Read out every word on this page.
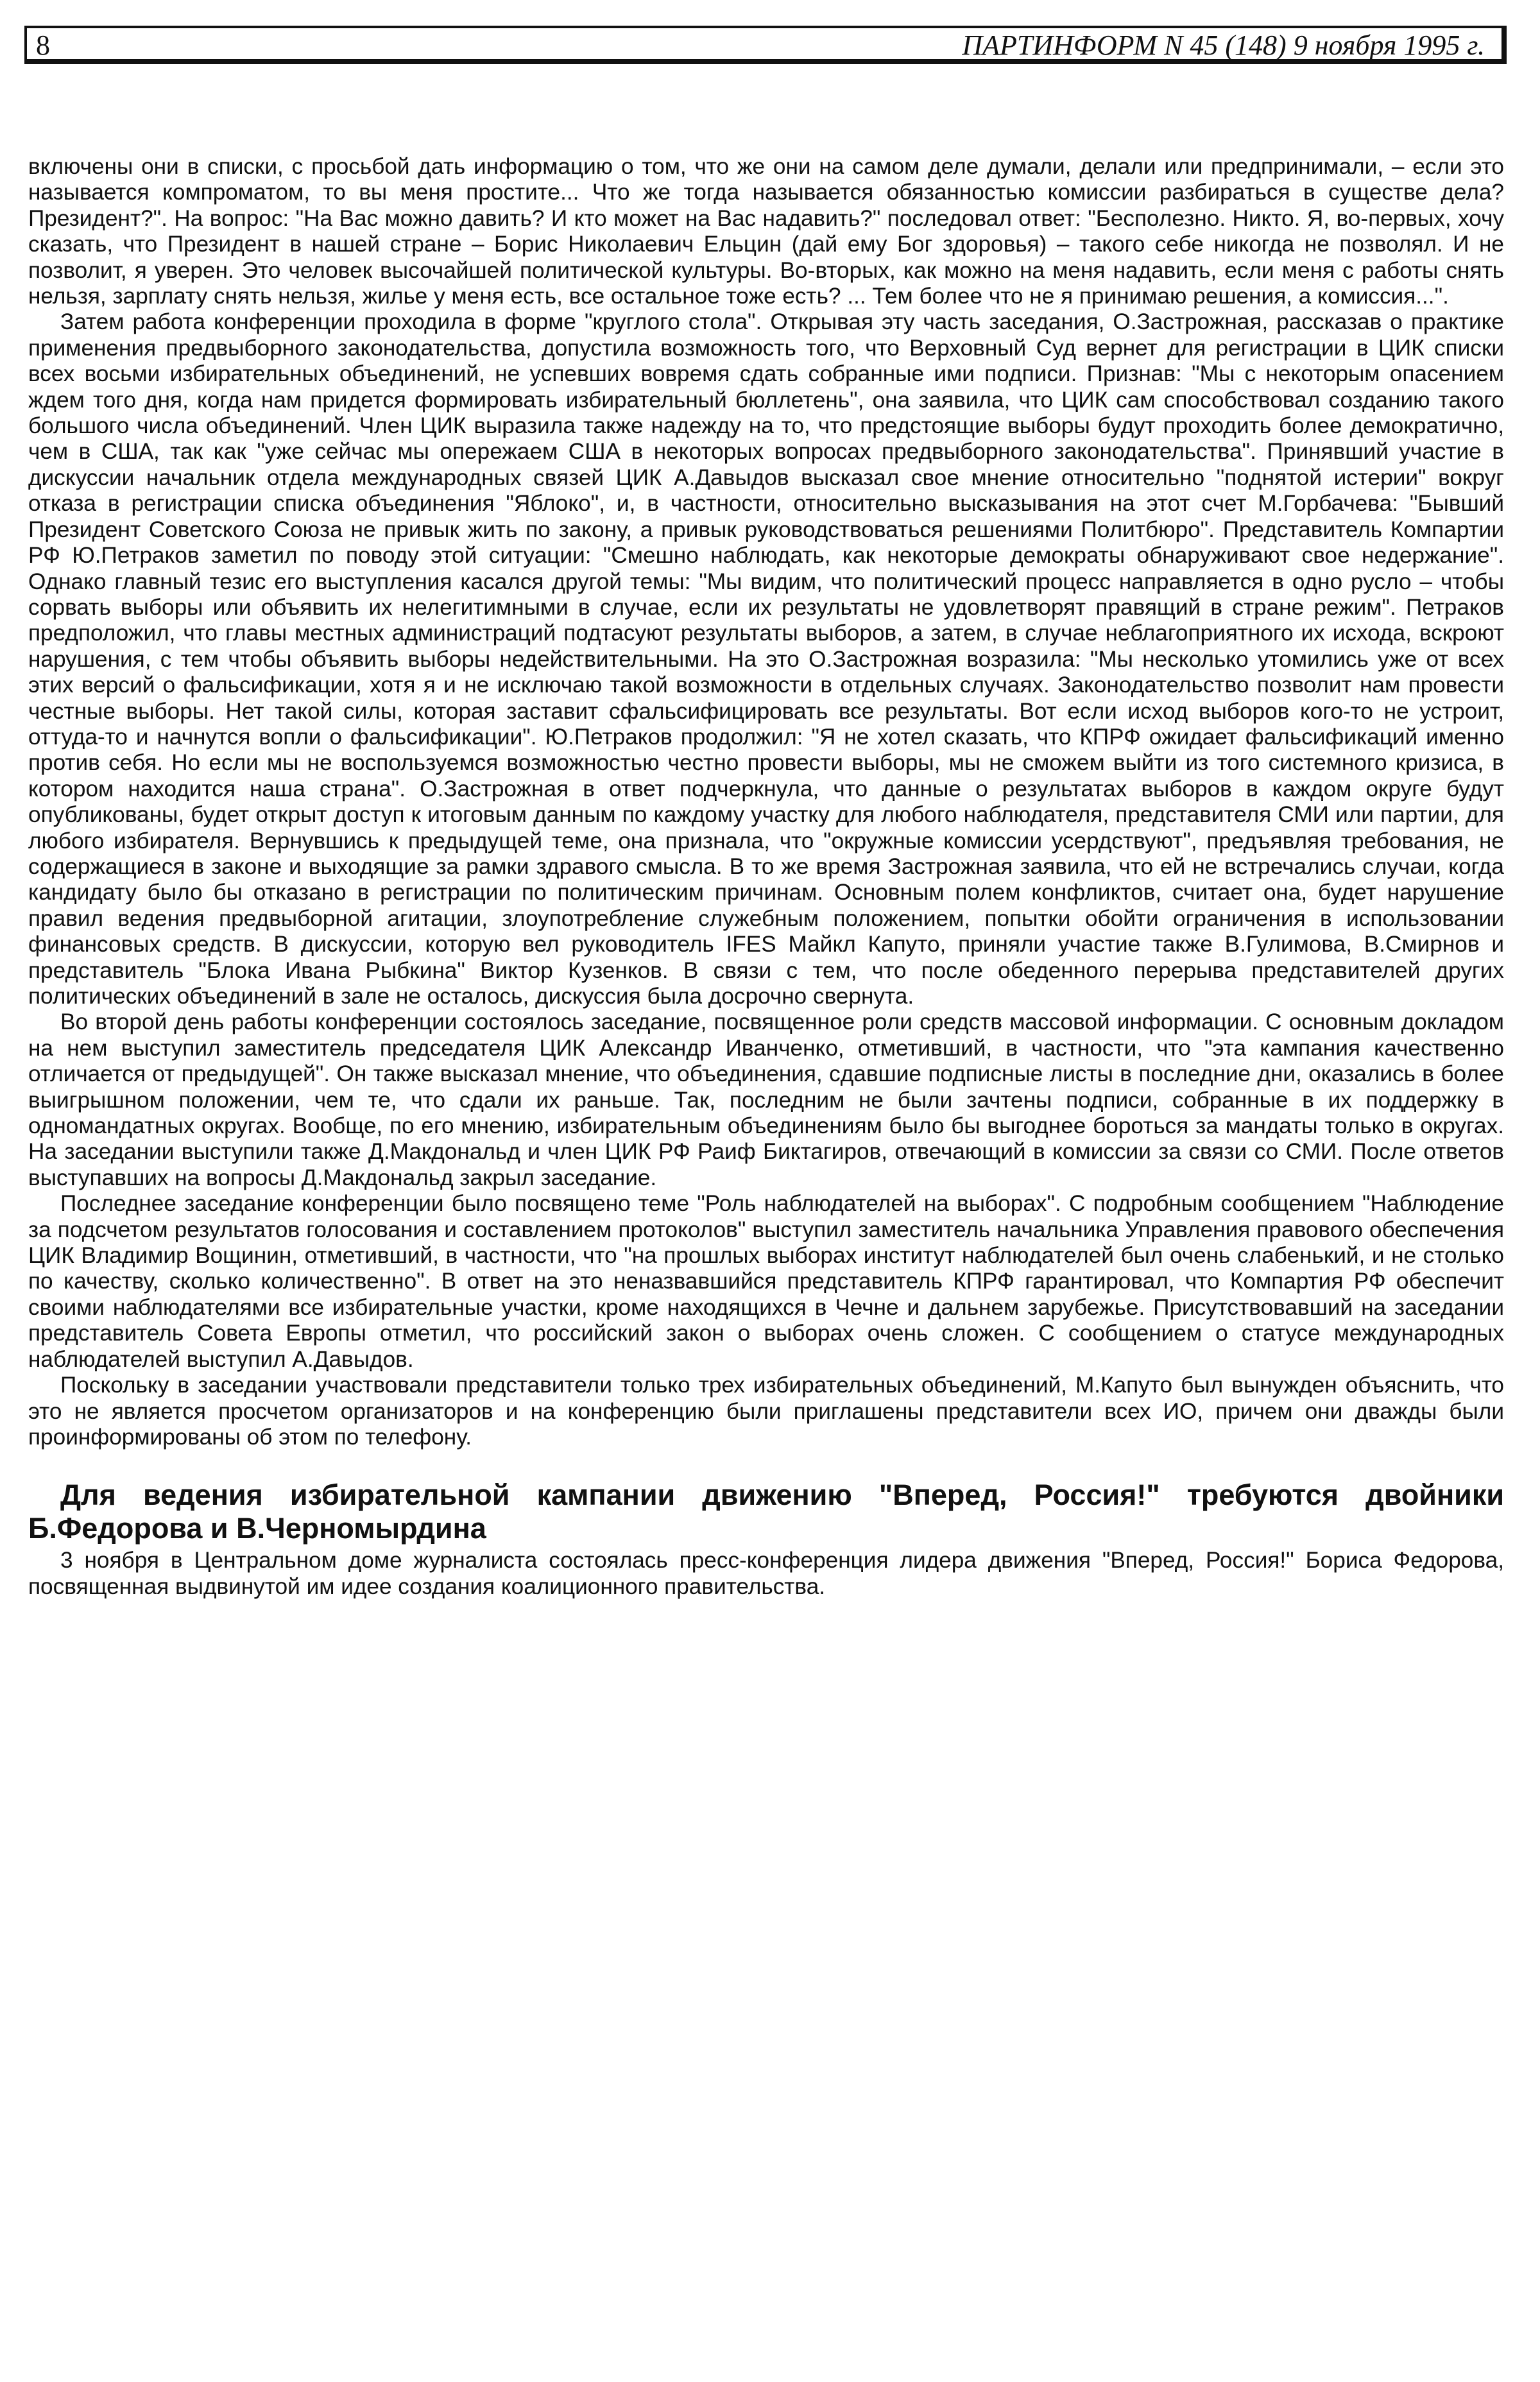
8	ПАРТИНФОРМ N 45 (148) 9 ноября 1995 г.

включены они в списки, с просьбой дать информацию о том, что же они на самом деле думали, делали или предпринимали, – если это называется компроматом, то вы меня простите... Что же тогда называется обязанностью комиссии разбираться в существе дела? Президент?". На вопрос: "На Вас можно давить? И кто может на Вас надавить?" последовал ответ: "Бесполезно. Никто. Я, во-первых, хочу сказать, что Президент в нашей стране – Борис Николаевич Ельцин (дай ему Бог здоровья) – такого себе никогда не позволял. И не позволит, я уверен. Это человек высочайшей политической культуры. Во-вторых, как можно на меня надавить, если меня с работы снять нельзя, зарплату снять нельзя, жилье у меня есть, все остальное тоже есть? ... Тем более что не я принимаю решения, а комиссия...".

Затем работа конференции проходила в форме "круглого стола". Открывая эту часть заседания, О.Застрожная, рассказав о практике применения предвыборного законодательства, допустила возможность того, что Верховный Суд вернет для регистрации в ЦИК списки всех восьми избирательных объединений, не успевших вовремя сдать собранные ими подписи. Признав: "Мы с некоторым опасением ждем того дня, когда нам придется формировать избирательный бюллетень", она заявила, что ЦИК сам способствовал созданию такого большого числа объединений. Член ЦИК выразила также надежду на то, что предстоящие выборы будут проходить более демократично, чем в США, так как "уже сейчас мы опережаем США в некоторых вопросах предвыборного законодательства". Принявший участие в дискуссии начальник отдела международных связей ЦИК А.Давыдов высказал свое мнение относительно "поднятой истерии" вокруг отказа в регистрации списка объединения "Яблоко", и, в частности, относительно высказывания на этот счет М.Горбачева: "Бывший Президент Советского Союза не привык жить по закону, а привык руководствоваться решениями Политбюро". Представитель Компартии РФ Ю.Петраков заметил по поводу этой ситуации: "Смешно наблюдать, как некоторые демократы обнаруживают свое недержание". Однако главный тезис его выступления касался другой темы: "Мы видим, что политический процесс направляется в одно русло – чтобы сорвать выборы или объявить их нелегитимными в случае, если их результаты не удовлетворят правящий в стране режим". Петраков предположил, что главы местных администраций подтасуют результаты выборов, а затем, в случае неблагоприятного их исхода, вскроют нарушения, с тем чтобы объявить выборы недействительными. На это О.Застрожная возразила: "Мы несколько утомились уже от всех этих версий о фальсификации, хотя я и не исключаю такой возможности в отдельных случаях. Законодательство позволит нам провести честные выборы. Нет такой силы, которая заставит сфальсифицировать все результаты. Вот если исход выборов кого-то не устроит, оттуда-то и начнутся вопли о фальсификации". Ю.Петраков продолжил: "Я не хотел сказать, что КПРФ ожидает фальсификаций именно против себя. Но если мы не воспользуемся возможностью честно провести выборы, мы не сможем выйти из того системного кризиса, в котором находится наша страна". О.Застрожная в ответ подчеркнула, что данные о результатах выборов в каждом округе будут опубликованы, будет открыт доступ к итоговым данным по каждому участку для любого наблюдателя, представителя СМИ или партии, для любого избирателя. Вернувшись к предыдущей теме, она признала, что "окружные комиссии усердствуют", предъявляя требования, не содержащиеся в законе и выходящие за рамки здравого смысла. В то же время Застрожная заявила, что ей не встречались случаи, когда кандидату было бы отказано в регистрации по политическим причинам. Основным полем конфликтов, считает она, будет нарушение правил ведения предвыборной агитации, злоупотребление служебным положением, попытки обойти ограничения в использовании финансовых средств. В дискуссии, которую вел руководитель IFES Майкл Капуто, приняли участие также В.Гулимова, В.Смирнов и представитель "Блока Ивана Рыбкина" Виктор Кузенков. В связи с тем, что после обеденного перерыва представителей других политических объединений в зале не осталось, дискуссия была досрочно свернута.

Во второй день работы конференции состоялось заседание, посвященное роли средств массовой информации. С основным докладом на нем выступил заместитель председателя ЦИК Александр Иванченко, отметивший, в частности, что "эта кампания качественно отличается от предыдущей". Он также высказал мнение, что объединения, сдавшие подписные листы в последние дни, оказались в более выигрышном положении, чем те, что сдали их раньше. Так, последним не были зачтены подписи, собранные в их поддержку в одномандатных округах. Вообще, по его мнению, избирательным объединениям было бы выгоднее бороться за мандаты только в округах. На заседании выступили также Д.Макдональд и член ЦИК РФ Раиф Биктагиров, отвечающий в комиссии за связи со СМИ. После ответов выступавших на вопросы Д.Макдональд закрыл заседание.

Последнее заседание конференции было посвящено теме "Роль наблюдателей на выборах". С подробным сообщением "Наблюдение за подсчетом результатов голосования и составлением протоколов" выступил заместитель начальника Управления правового обеспечения ЦИК Владимир Вощинин, отметивший, в частности, что "на прошлых выборах институт наблюдателей был очень слабенький, и не столько по качеству, сколько количественно". В ответ на это неназвавшийся представитель КПРФ гарантировал, что Компартия РФ обеспечит своими наблюдателями все избирательные участки, кроме находящихся в Чечне и дальнем зарубежье. Присутствовавший на заседании представитель Совета Европы отметил, что российский закон о выборах очень сложен. С сообщением о статусе международных наблюдателей выступил А.Давыдов.

Поскольку в заседании участвовали представители только трех избирательных объединений, М.Капуто был вынужден объяснить, что это не является просчетом организаторов и на конференцию были приглашены представители всех ИО, причем они дважды были проинформированы об этом по телефону.

Для ведения избирательной кампании движению "Вперед, Россия!" требуются двойники Б.Федорова и В.Черномырдина

3 ноября в Центральном доме журналиста состоялась пресс-конференция лидера движения "Вперед, Россия!" Бориса Федорова, посвященная выдвинутой им идее создания коалиционного правительства.
